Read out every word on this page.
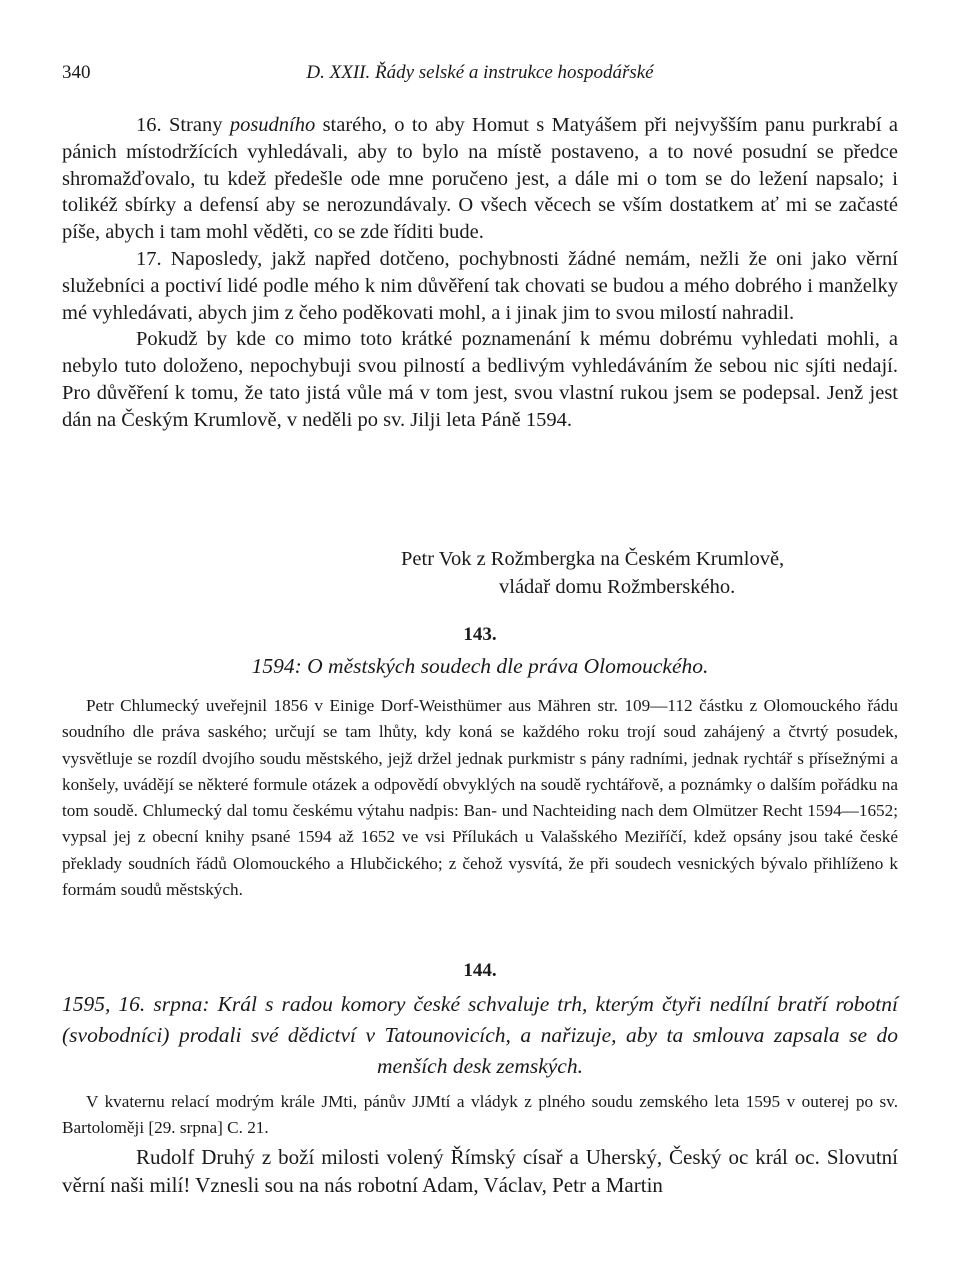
340	D. XXII. Řády selské a instrukce hospodářské

16. Strany posudního starého, o to aby Homut s Matyášem při nejvyšším panu purkrabí a pánich místodržících vyhledávali, aby to bylo na místě postaveno, a to nové posudní se předce shromažďovalo, tu kdež předešle ode mne poručeno jest, a dále mi o tom se do ležení napsalo; i tolikéž sbírky a defensí aby se nerozundávaly. O všech věcech se vším dostatkem ať mi se začasté píše, abych i tam mohl věděti, co se zde říditi bude.

17. Naposledy, jakž napřed dotčeno, pochybnosti žádné nemám, nežli že oni jako věrní služebníci a poctiví lidé podle mého k nim důvěření tak chovati se budou a mého dobrého i manželky mé vyhledávati, abych jim z čeho poděkovati mohl, a i jinak jim to svou milostí nahradil.

Pokudž by kde co mimo toto krátké poznamenání k mému dobrému vyhledati mohli, a nebylo tuto doloženo, nepochybuji svou pilností a bedlivým vyhledáváním že sebou nic sjíti nedají. Pro důvěření k tomu, že tato jistá vůle má v tom jest, svou vlastní rukou jsem se podepsal. Jenž jest dán na Českým Krumlově, v neděli po sv. Jilji leta Páně 1594.

Petr Vok z Rožmbergka na Českém Krumlově,
vládař domu Rožmberského.
143.

1594: O městských soudech dle práva Olomouckého.

Petr Chlumecký uveřejnil 1856 v Einige Dorf-Weisthümer aus Mähren str. 109—112 částku z Olomouckého řádu soudního dle práva saského; určují se tam lhůty, kdy koná se každého roku trojí soud zahájený a čtvrtý posudek, vysvětluje se rozdíl dvojího soudu městského, jejž držel jednak purkmistr s pány radními, jednak rychtář s přísežnými a konšely, uvádějí se některé formule otázek a odpovědí obvyklých na soudě rychtářově, a poznámky o dalším pořádku na tom soudě. Chlumecký dal tomu českému výtahu nadpis: Ban- und Nachteiding nach dem Olmützer Recht 1594—1652; vypsal jej z obecní knihy psané 1594 až 1652 ve vsi Přílukách u Valašského Meziříčí, kdež opsány jsou také české překlady soudních řádů Olomouckého a Hlubčického; z čehož vysvítá, že při soudech vesnických bývalo přihlíženo k formám soudů městských.

144.

1595, 16. srpna: Král s radou komory české schvaluje trh, kterým čtyři nedílní bratří robotní (svobodníci) prodali své dědictví v Tatounovicích, a nařizuje, aby ta smlouva zapsala se do menších desk zemských.

V kvaternu relací modrým krále JMti, pánův JJMtí a vládyk z plného soudu zemského leta 1595 v outerej po sv. Bartoloměji [29. srpna] C. 21.

Rudolf Druhý z boží milosti volený Římský císař a Uherský, Český oc král oc. Slovutní věrní naši milí! Vznesli sou na nás robotní Adam, Václav, Petr a Martin
